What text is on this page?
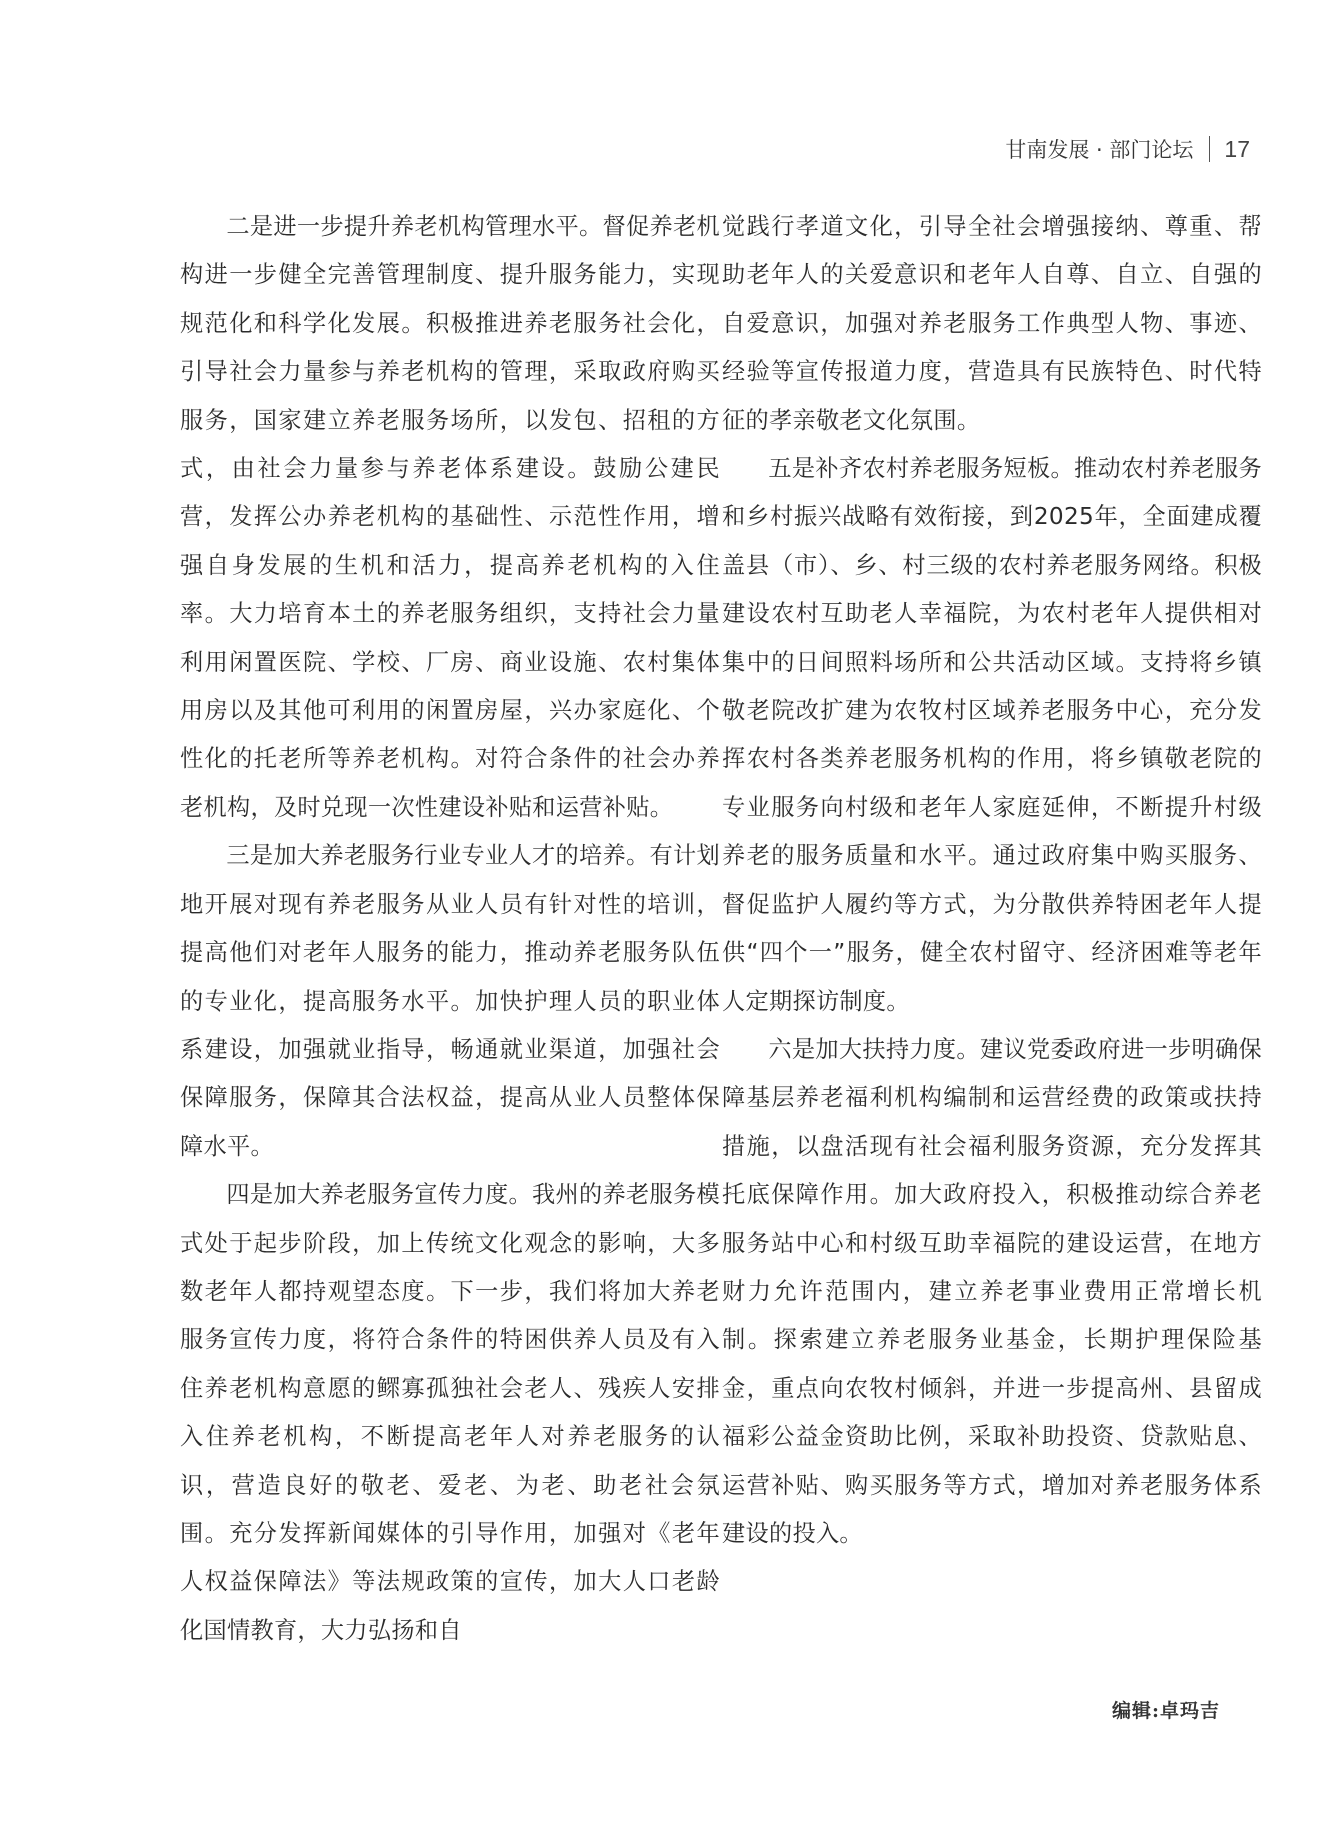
甘南发展 · 部门论坛 17

二是进一步提升养老机构管理水平。督促养老机构进一步健全完善管理制度、提升服务能力，实现规范化和科学化发展。积极推进养老服务社会化，引导社会力量参与养老机构的管理，采取政府购买服务，国家建立养老服务场所，以发包、招租的方式，由社会力量参与养老体系建设。鼓励公建民营，发挥公办养老机构的基础性、示范性作用，增强自身发展的生机和活力，提高养老机构的入住率。大力培育本土的养老服务组织，支持社会力量利用闲置医院、学校、厂房、商业设施、农村集体用房以及其他可利用的闲置房屋，兴办家庭化、个性化的托老所等养老机构。对符合条件的社会办养老机构，及时兑现一次性建设补贴和运营补贴。

三是加大养老服务行业专业人才的培养。有计划地开展对现有养老服务从业人员有针对性的培训，提高他们对老年人服务的能力，推动养老服务队伍的专业化，提高服务水平。加快护理人员的职业体系建设，加强就业指导，畅通就业渠道，加强社会保障服务，保障其合法权益，提高从业人员整体保障水平。

四是加大养老服务宣传力度。我州的养老服务模式处于起步阶段，加上传统文化观念的影响，大多数老年人都持观望态度。下一步，我们将加大养老服务宣传力度，将符合条件的特困供养人员及有入住养老机构意愿的鳏寡孤独社会老人、残疾人安排入住养老机构，不断提高老年人对养老服务的认识，营造良好的敬老、爱老、为老、助老社会氛围。充分发挥新闻媒体的引导作用，加强对《老年人权益保障法》等法规政策的宣传，加大人口老龄化国情教育，大力弘扬和自

觉践行孝道文化，引导全社会增强接纳、尊重、帮助老年人的关爱意识和老年人自尊、自立、自强的自爱意识，加强对养老服务工作典型人物、事迹、经验等宣传报道力度，营造具有民族特色、时代特征的孝亲敬老文化氛围。

五是补齐农村养老服务短板。推动农村养老服务和乡村振兴战略有效衔接，到2025年，全面建成覆盖县（市）、乡、村三级的农村养老服务网络。积极建设农村互助老人幸福院，为农村老年人提供相对集中的日间照料场所和公共活动区域。支持将乡镇敬老院改扩建为农牧村区域养老服务中心，充分发挥农村各类养老服务机构的作用，将乡镇敬老院的专业服务向村级和老年人家庭延伸，不断提升村级养老的服务质量和水平。通过政府集中购买服务、督促监护人履约等方式，为分散供养特困老年人提供“四个一”服务，健全农村留守、经济困难等老年人定期探访制度。

六是加大扶持力度。建议党委政府进一步明确保障基层养老福利机构编制和运营经费的政策或扶持措施，以盘活现有社会福利服务资源，充分发挥其托底保障作用。加大政府投入，积极推动综合养老服务站中心和村级互助幸福院的建设运营，在地方财力允许范围内，建立养老事业费用正常增长机制。探索建立养老服务业基金，长期护理保险基金，重点向农牧村倾斜，并进一步提高州、县留成福彩公益金资助比例，采取补助投资、贷款贴息、运营补贴、购买服务等方式，增加对养老服务体系建设的投入。

编辑:卓玛吉
